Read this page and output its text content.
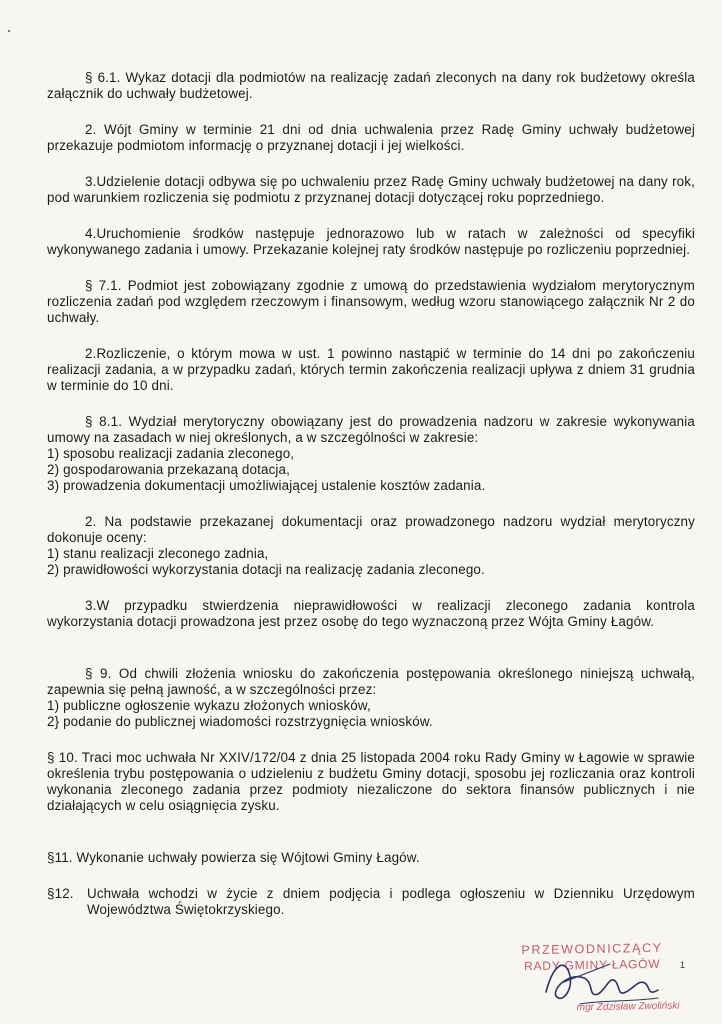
§ 6.1. Wykaz dotacji dla podmiotów na realizację zadań zleconych na dany rok budżetowy określa załącznik do uchwały budżetowej.

2. Wójt Gminy w terminie 21 dni od dnia uchwalenia przez Radę Gminy uchwały budżetowej przekazuje podmiotom informację o przyznanej dotacji i jej wielkości.

3.Udzielenie dotacji odbywa się po uchwaleniu przez Radę Gminy uchwały budżetowej na dany rok, pod warunkiem rozliczenia się podmiotu z przyznanej dotacji dotyczącej roku poprzedniego.

4.Uruchomienie środków następuje jednorazowo lub w ratach w zależności od specyfiki wykonywanego zadania i umowy. Przekazanie kolejnej raty środków następuje po rozliczeniu poprzedniej.

§ 7.1. Podmiot jest zobowiązany zgodnie z umową do przedstawienia wydziałom merytorycznym rozliczenia zadań pod względem rzeczowym i finansowym, według wzoru stanowiącego załącznik Nr 2 do uchwały.

2.Rozliczenie, o którym mowa w ust. 1 powinno nastąpić w terminie do 14 dni po zakończeniu realizacji zadania, a w przypadku zadań, których termin zakończenia realizacji upływa z dniem 31 grudnia w terminie do 10 dni.

§ 8.1. Wydział merytoryczny obowiązany jest do prowadzenia nadzoru w zakresie wykonywania umowy na zasadach w niej określonych, a w szczególności w zakresie:

1) sposobu realizacji zadania zleconego,
2) gospodarowania przekazaną dotacja,
3) prowadzenia dokumentacji umożliwiającej ustalenie kosztów zadania.

2. Na podstawie przekazanej dokumentacji oraz prowadzonego nadzoru wydział merytoryczny dokonuje oceny:

1) stanu realizacji zleconego zadnia,
2) prawidłowości wykorzystania dotacji na realizację zadania zleconego.

3.W przypadku stwierdzenia nieprawidłowości w realizacji zleconego zadania kontrola wykorzystania dotacji prowadzona jest przez osobę do tego wyznaczoną przez Wójta Gminy Łagów.

§ 9. Od chwili złożenia wniosku do zakończenia postępowania określonego niniejszą uchwałą, zapewnia się pełną jawność, a w szczególności przez:

1) publiczne ogłoszenie wykazu złożonych wniosków,
2} podanie do publicznej wiadomości rozstrzygnięcia wniosków.

§ 10. Traci moc uchwała Nr XXIV/172/04 z dnia 25 listopada 2004 roku Rady Gminy w Łagowie w sprawie określenia trybu postępowania o udzieleniu z budżetu Gminy dotacji, sposobu jej rozliczania oraz kontroli wykonania zleconego zadania przez podmioty niezaliczone do sektora finansów publicznych i nie działających w celu osiągnięcia zysku.

§11. Wykonanie uchwały powierza się Wójtowi Gminy Łagów.

§12. Uchwała wchodzi w życie z dniem podjęcia i podlega ogłoszeniu w Dzienniku Urzędowym Województwa Świętokrzyskiego.
PRZEWODNICZĄCY
RADY GMINY ŁAGÓW
mgr Zdzisław Zwoliński
1
